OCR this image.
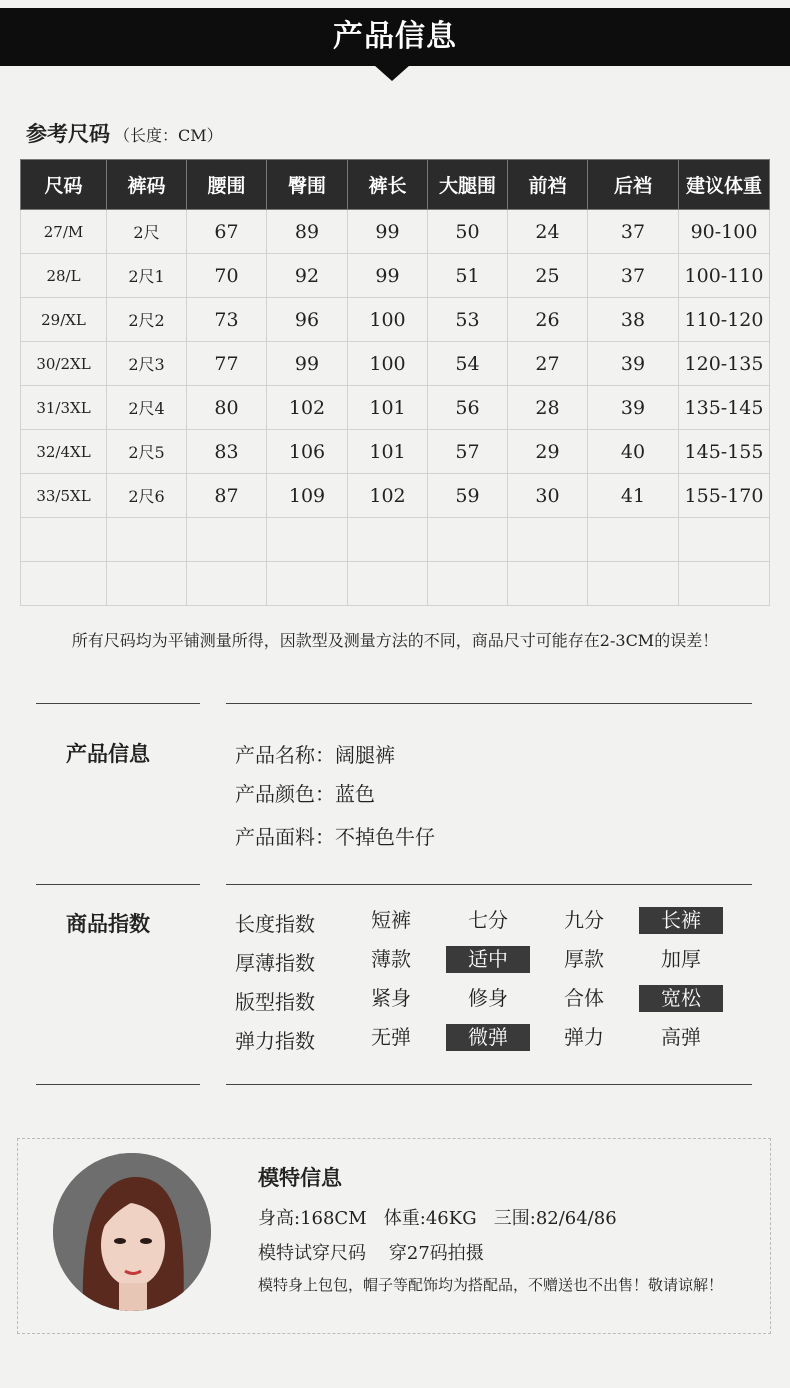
产品信息
参考尺码 （长度：CM）
尺码	裤码	腰围	臀围	裤长	大腿围	前裆	后裆	建议体重
27/M	2尺	67	89	99	50	24	37	90-100
28/L	2尺1	70	92	99	51	25	37	100-110
29/XL	2尺2	73	96	100	53	26	38	110-120
30/2XL	2尺3	77	99	100	54	27	39	120-135
31/3XL	2尺4	80	102	101	56	28	39	135-145
32/4XL	2尺5	83	106	101	57	29	40	145-155
33/5XL	2尺6	87	109	102	59	30	41	155-170

所有尺码均为平铺测量所得，因款型及测量方法的不同，商品尺寸可能存在2-3CM的误差！
产品信息	产品名称：阔腿裤
产品颜色：蓝色
产品面料：不掉色牛仔
商品指数	长度指数	短裤	七分	九分	长裤
厚薄指数	薄款	适中	厚款	加厚
版型指数	紧身	修身	合体	宽松
弹力指数	无弹	微弹	弹力	高弹
模特信息
身高:168CM   体重:46KG   三围:82/64/86
模特试穿尺码    穿27码拍摄
模特身上包包，帽子等配饰均为搭配品，不赠送也不出售！敬请谅解！
